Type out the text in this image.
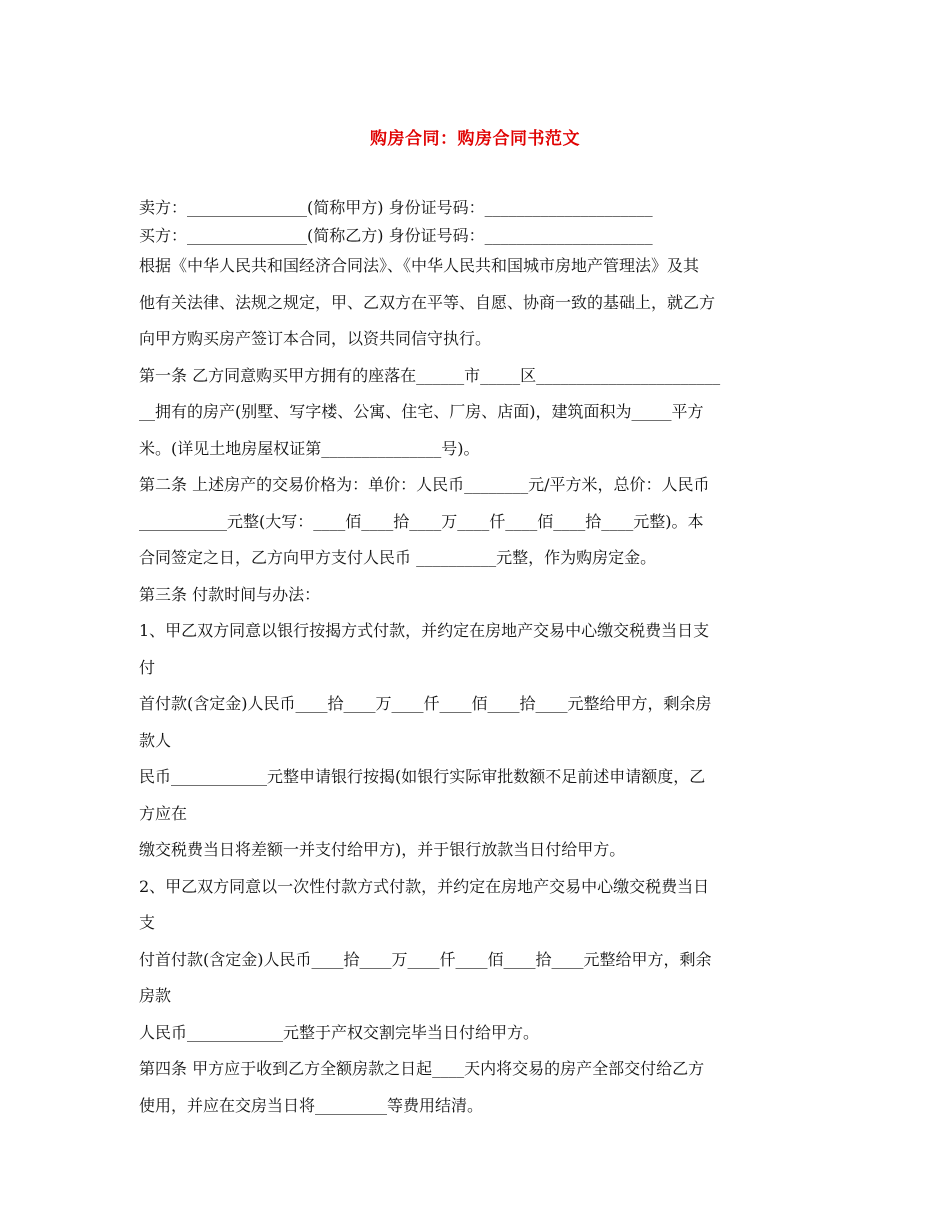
购房合同：购房合同书范文
卖方：_______________(简称甲方) 身份证号码：_____________________
买方：_______________(简称乙方) 身份证号码：_____________________
根据《中华人民共和国经济合同法》、《中华人民共和国城市房地产管理法》及其
他有关法律、法规之规定，甲、乙双方在平等、自愿、协商一致的基础上，就乙方
向甲方购买房产签订本合同，以资共同信守执行。
第一条 乙方同意购买甲方拥有的座落在______市_____区_______________________
__拥有的房产(别墅、写字楼、公寓、住宅、厂房、店面)，建筑面积为_____平方
米。(详见土地房屋权证第_______________号)。
第二条 上述房产的交易价格为：单价：人民币________元/平方米，总价：人民币
___________元整(大写：____佰____拾____万____仟____佰____拾____元整)。本
合同签定之日，乙方向甲方支付人民币 __________元整，作为购房定金。
第三条 付款时间与办法：
1、甲乙双方同意以银行按揭方式付款，并约定在房地产交易中心缴交税费当日支
付
首付款(含定金)人民币____拾____万____仟____佰____拾____元整给甲方，剩余房
款人
民币____________元整申请银行按揭(如银行实际审批数额不足前述申请额度，乙
方应在
缴交税费当日将差额一并支付给甲方)，并于银行放款当日付给甲方。
2、甲乙双方同意以一次性付款方式付款，并约定在房地产交易中心缴交税费当日
支
付首付款(含定金)人民币____拾____万____仟____佰____拾____元整给甲方，剩余
房款
人民币____________元整于产权交割完毕当日付给甲方。
第四条 甲方应于收到乙方全额房款之日起____天内将交易的房产全部交付给乙方
使用，并应在交房当日将_________等费用结清。
